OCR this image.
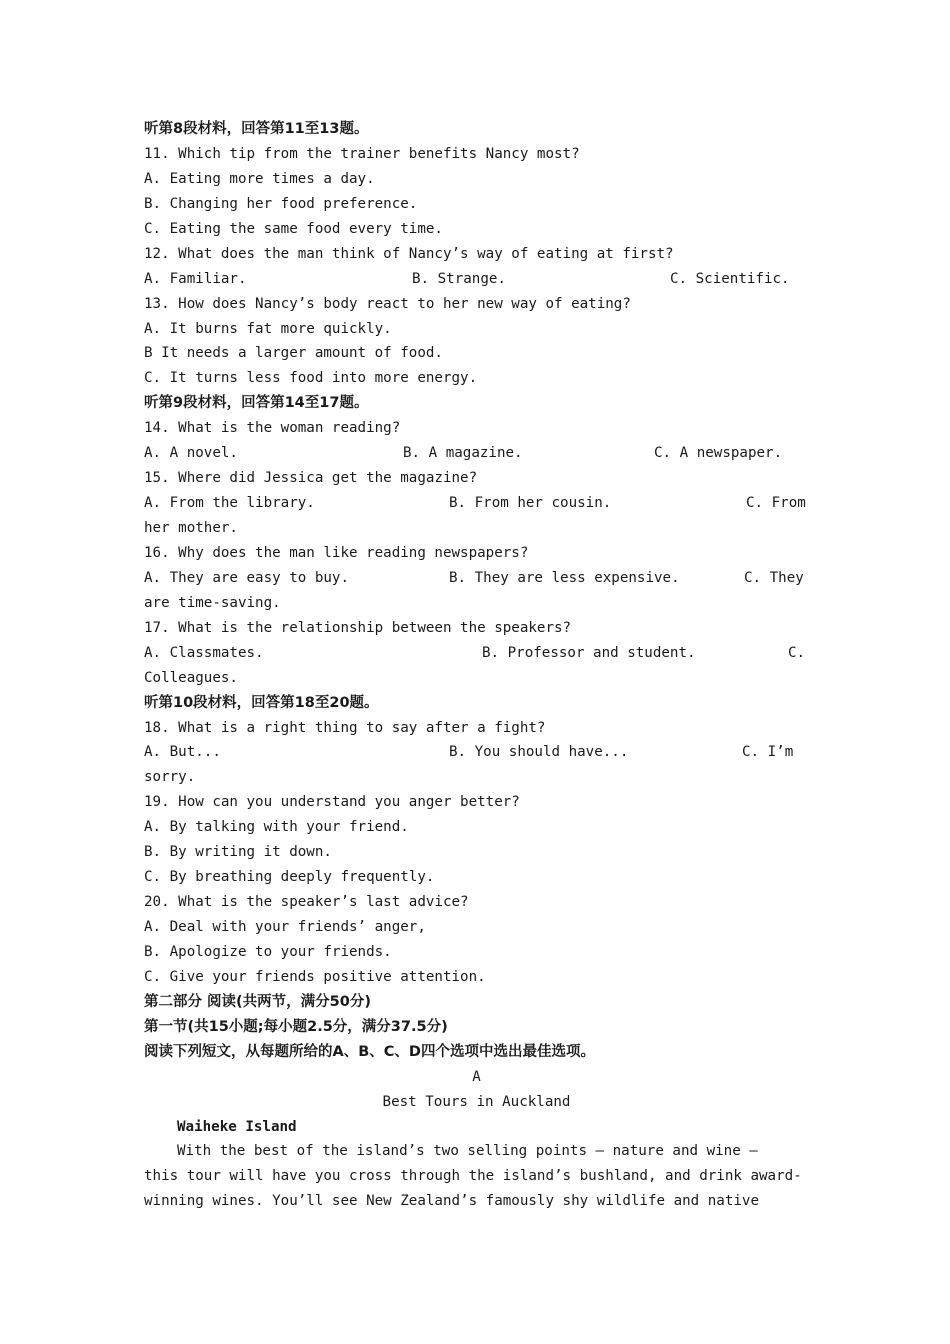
听第8段材料，回答第11至13题。
11. Which tip from the trainer benefits Nancy most?
A. Eating more times a day.
B. Changing her food preference.
C. Eating the same food every time.
12. What does the man think of Nancy’s way of eating at first?

A. Familiar.

	B. Strange.

	C. Scientific.

13. How does Nancy’s body react to her new way of eating?
A. It burns fat more quickly.
B It needs a larger amount of food.
C. It turns less food into more energy.
听第9段材料，回答第14至17题。
14. What is the woman reading?

A. A novel.

	B. A magazine.

	C. A newspaper.

15. Where did Jessica get the magazine?

A. From the library.

	B. From her cousin.

	C. From

her mother.
16. Why does the man like reading newspapers?

A. They are easy to buy.

	B. They are less expensive.

	C. They

are time-saving.
17. What is the relationship between the speakers?

A. Classmates.

	B. Professor and student.

	C.

Colleagues.
听第10段材料，回答第18至20题。
18. What is a right thing to say after a fight?

A. But...

	B. You should have...

	C. I’m

sorry.
19. How can you understand you anger better?
A. By talking with your friend.
B. By writing it down.
C. By breathing deeply frequently.
20. What is the speaker’s last advice?
A. Deal with your friends’ anger,
B. Apologize to your friends.
C. Give your friends positive attention.
第二部分 阅读(共两节，满分50分)
第一节(共15小题;每小题2.5分，满分37.5分)
阅读下列短文，从每题所给的A、B、C、D四个选项中选出最佳选项。
A
Best Tours in Auckland
Waiheke Island
With the best of the island’s two selling points — nature and wine —
this tour will have you cross through the island’s bushland, and drink award-
winning wines. You’ll see New Zealand’s famously shy wildlife and native
